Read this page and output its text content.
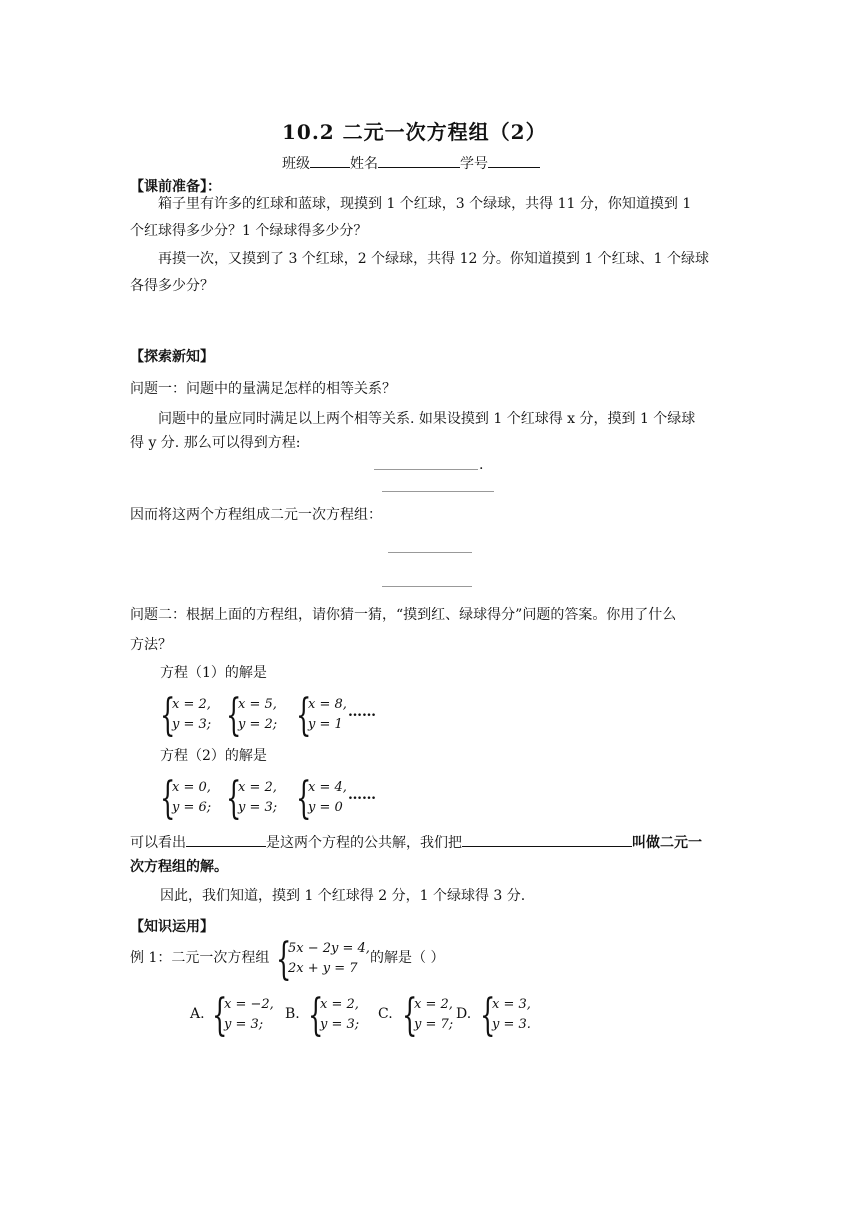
10.2 二元一次方程组（2）
班级	姓名	学号
【课前准备】：
箱子里有许多的红球和蓝球，现摸到 1 个红球，3 个绿球，共得 11 分，你知道摸到 1
个红球得多少分？1 个绿球得多少分？
再摸一次，又摸到了 3 个红球，2 个绿球，共得 12 分。你知道摸到 1 个红球、1 个绿球
各得多少分？
【探索新知】
问题一：问题中的量满足怎样的相等关系？
问题中的量应同时满足以上两个相等关系. 如果设摸到 1 个红球得 x 分，摸到 1 个绿球
得 y 分. 那么可以得到方程:
.
因而将这两个方程组成二元一次方程组：
问题二：根据上面的方程组，请你猜一猜，“摸到红、绿球得分”问题的答案。你用了什么
方法？
方程（1）的解是
{
x = 2,
y = 3; {
x = 5,
y = 2; {
x = 8,
y = 1
……
方程（2）的解是
{
x = 0,
y = 6; {
x = 2,
y = 3; {
x = 4,
y = 0
……
可以看出	是这两个方程的公共解，我们把	叫做二元一
次方程组的解。
因此，我们知道，摸到 1 个红球得 2 分，1 个绿球得 3 分.
【知识运用】
例 1：二元一次方程组 {
5x − 2y = 4,
2x + y = 7
的解是（ ）
A. {
x = −2,
y = 3;
B. {
x = 2,
y = 3;
C. {
x = 2,
y = 7;
D. {
x = 3,
y = 3.
